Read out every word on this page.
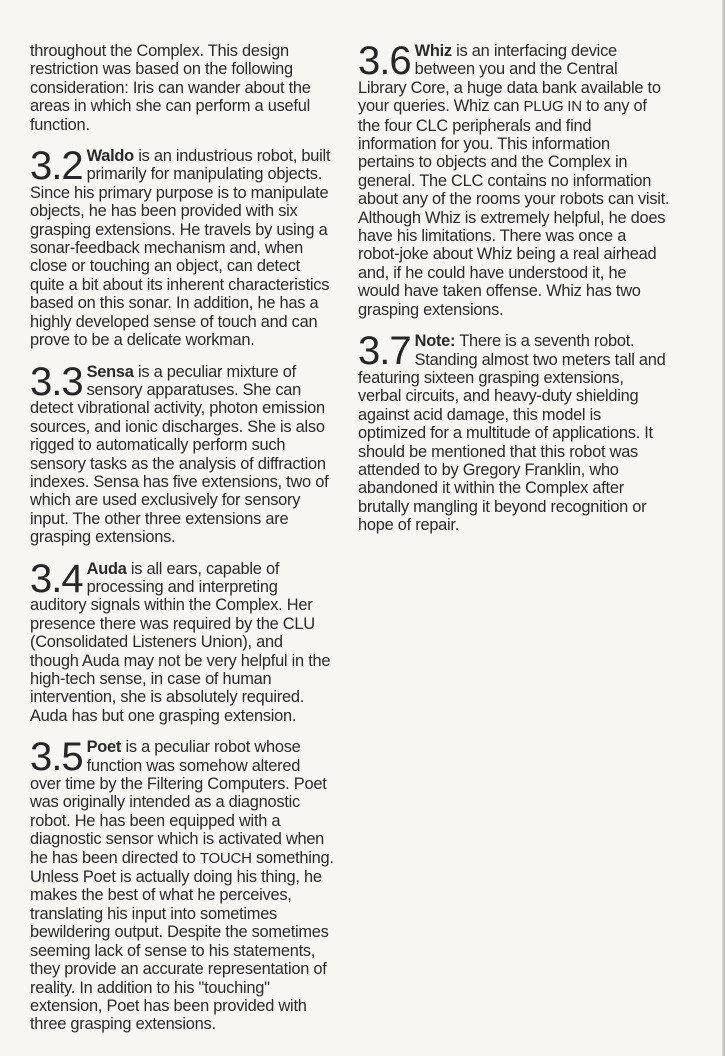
throughout the Complex. This design restriction was based on the following consideration: Iris can wander about the areas in which she can perform a useful function.

3.2 Waldo is an industrious robot, built primarily for manipulating objects. Since his primary purpose is to manipulate objects, he has been provided with six grasping extensions. He travels by using a sonar-feedback mechanism and, when close or touching an object, can detect quite a bit about its inherent characteristics based on this sonar. In addition, he has a highly developed sense of touch and can prove to be a delicate workman.

3.3 Sensa is a peculiar mixture of sensory apparatuses. She can detect vibrational activity, photon emission sources, and ionic discharges. She is also rigged to automatically perform such sensory tasks as the analysis of diffraction indexes. Sensa has five extensions, two of which are used exclusively for sensory input. The other three extensions are grasping extensions.

3.4 Auda is all ears, capable of processing and interpreting auditory signals within the Complex. Her presence there was required by the CLU (Consolidated Listeners Union), and though Auda may not be very helpful in the high-tech sense, in case of human intervention, she is absolutely required. Auda has but one grasping extension.

3.5 Poet is a peculiar robot whose function was somehow altered over time by the Filtering Computers. Poet was originally intended as a diagnostic robot. He has been equipped with a diagnostic sensor which is activated when he has been directed to TOUCH something. Unless Poet is actually doing his thing, he makes the best of what he perceives, translating his input into sometimes bewildering output. Despite the sometimes seeming lack of sense to his statements, they provide an accurate representation of reality. In addition to his "touching" extension, Poet has been provided with three grasping extensions.

3.6 Whiz is an interfacing device between you and the Central Library Core, a huge data bank available to your queries. Whiz can PLUG IN to any of the four CLC peripherals and find information for you. This information pertains to objects and the Complex in general. The CLC contains no information about any of the rooms your robots can visit. Although Whiz is extremely helpful, he does have his limitations. There was once a robot-joke about Whiz being a real airhead and, if he could have understood it, he would have taken offense. Whiz has two grasping extensions.

3.7 Note: There is a seventh robot. Standing almost two meters tall and featuring sixteen grasping extensions, verbal circuits, and heavy-duty shielding against acid damage, this model is optimized for a multitude of applications. It should be mentioned that this robot was attended to by Gregory Franklin, who abandoned it within the Complex after brutally mangling it beyond recognition or hope of repair.
